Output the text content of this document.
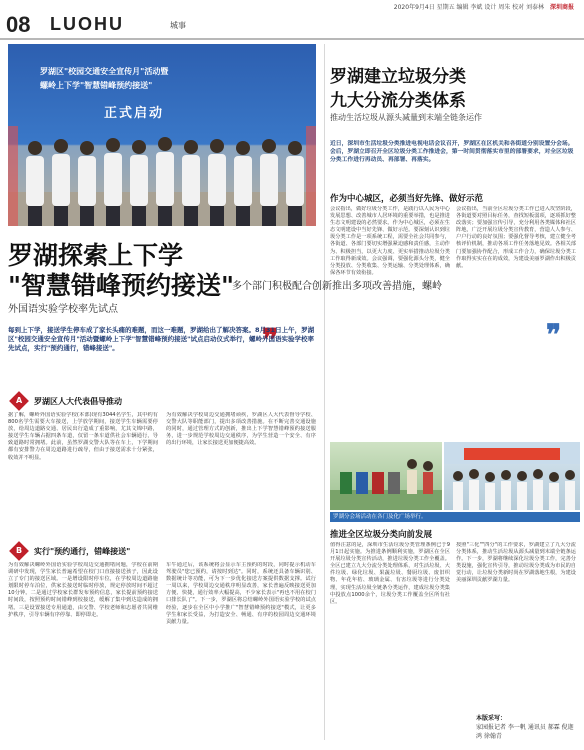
2020年9月4日 星期五 编辑 李斌 设计 周朱 校对 刘泰林 深圳商报
08 LUOHU	城事
罗湖区"校园交通安全宣传月"活动暨
螺岭上下学"智慧错峰预约接送"
正式启动
罗湖建立垃圾分类
九大分流分类体系
推动生活垃圾从源头减量到末端全链条运作
近日，深圳市生活垃圾分类推进电视电话会议召开，罗湖区在区机关和各街道分别设置分会场。会后，罗湖立即召开全区垃圾分类工作推进会，第一时间贯彻落实市里的部署要求，对全区垃圾分类工作进行再动员、再部署、再落实。
作为中心城区，必须当好先锋、做好示范
会议指出，做好垃圾分类工作，是践行以人民为中心发展思想、改善城市人居环境的重要举措，也是推进生态文明建设的必然要求。作为中心城区，必须在生态文明建设中当好先锋、做好示范。要深刻认识到垃圾分类工作是一项系统工程，需要全社会共同参与，各街道、各部门要切实增强紧迫感和责任感，主动作为、积极担当，以更大力度、更实举措推动垃圾分类工作取得新成效。会议强调，要强化源头分类，健全分类投放、分类收集、分类运输、分类处理体系，确保各环节有效衔接。
会议指出，当前全区垃圾分类工作已进入攻坚阶段，各街道要对照目标任务，查找短板弱项，逐项抓好整改落实；要加强宣传引导，充分利用各类媒体和社区阵地，广泛开展垃圾分类宣传教育，营造人人参与、户户行动的良好氛围；要强化督导考核，建立健全考核评价机制，推动各项工作任务落地见效。各相关部门要加强协作配合，形成工作合力，确保垃圾分类工作取得实实在在的成效，为建设美丽罗湖作出积极贡献。
❞
罗湖分会场活动在各门及化广场举行。
推进全区垃圾分类向前发展
值得注意的是，深圳市生活垃圾分类管理条例已于9月1日起实施。为推进条例顺利实施，罗湖区在全区开展垃圾分类宣传活动，推进垃圾分类工作全覆盖。全区已建立九大分流分类处理体系，对生活垃圾、大件垃圾、绿化垃圾、果蔬垃圾、餐厨垃圾、废旧织物、年花年桔、玻璃金属、有害垃圾等进行分类处理，实现生活垃圾全链条分类运作，建成垃圾分类集中投放点1000余个，垃圾分类工作覆盖全区所有社区。
按照"三化""四分"的工作要求，罗湖建立了九大分流分类体系，推动生活垃圾从源头减量到末端全链条运作。下一步，罗湖将继续深化垃圾分类工作，完善分类设施，强化宣传引导，推动垃圾分类成为市民的自觉行动，让垃圾分类新时尚在罗湖落地生根，为建设美丽深圳贡献罗湖力量。
本版采写：
家园报记者 李一帆 通讯员 郝霖 倪迦鸿 徐翰青
罗湖探索上下学
"智慧错峰预约接送"
多个部门积极配合创新推出多项改善措施，螺岭
外国语实验学校率先试点
❞
每到上下学，接送学生停车成了家长头痛的难题，而这一难题，罗湖给出了解决答案。8月31日上午，罗湖区"校园交通安全宣传月"活动暨螺岭上下学"智慧错峰预约接送"试点启动仪式举行，螺岭外国语实验学校率先试点，实行"预约通行，错峰接送"。
A	罗湖区人大代表倡导推动
据了解，螺岭外国语实验学校(本部)现有3044名学生，其中约有800名学生需要大车接送，上学放学期间，接送学生车辆需要停放，给周边道路交通、居民出行造成了重影响，尤其文锦中路，接送学生车辆占据四条车道，仅留一条车道供社会车辆通行，导致道路时常拥堵。此前，虽然罗湖交警大队等在车上，下学期间都有安排警力在周边道路进行疏导，但由于接送需求十分紧张，收效并不明显。
为有效解决学校周边交通拥堵顽疾，罗湖区人大代表督导学校、交警大队等职能部门，提出多项改善措施。在不断完善交通设施的同时，通过管理方式的创新，推出上下学智慧错峰预约接送服务，进一步规范学校周边交通秩序，为学生营造一个安全、有序的出行环境，让家长接送更加便捷高效。
B	实行"预约通行，错峰接送"
为有效解决螺岭外国语实验学校周边交通拥堵问题，学校在前期调研中发现，学生家长普遍希望在校门口直接接送孩子，因此设立了专门的接送区域。一是增设限时停车位，在学校周边道路施划限时停车泊位，供家长接送时临时停放，规定停放时间不超过10分钟。二是通过学校家长群发布预约信息，家长提前预约接送时间段，按照预约时间错峰到校接送，缓解了集中到达造成的拥堵。三是设置接送专用通道，由交警、学校老师和志愿者共同维护秩序，引导车辆有序停靠、即停即走。
车牛通过后，该系统将会显示车主预约的时段，同时提示机动车驾驶员"您已预约，请按时到达"。同时，系统还具备车辆识别、数据统计等功能，可为下一步优化接送方案提供数据支撑。试行一周以来，学校周边交通秩序明显改善，家长普遍反映接送更加方便、快捷，通行效率大幅提高，不少家长表示"再也不用在校门口排长队了"。下一步，罗湖区将总结螺岭外国语实验学校的试点经验，逐步在全区中小学推广"智慧错峰预约接送"模式，让更多学生和家长受益，为打造安全、畅通、有序的校园周边交通环境贡献力量。
